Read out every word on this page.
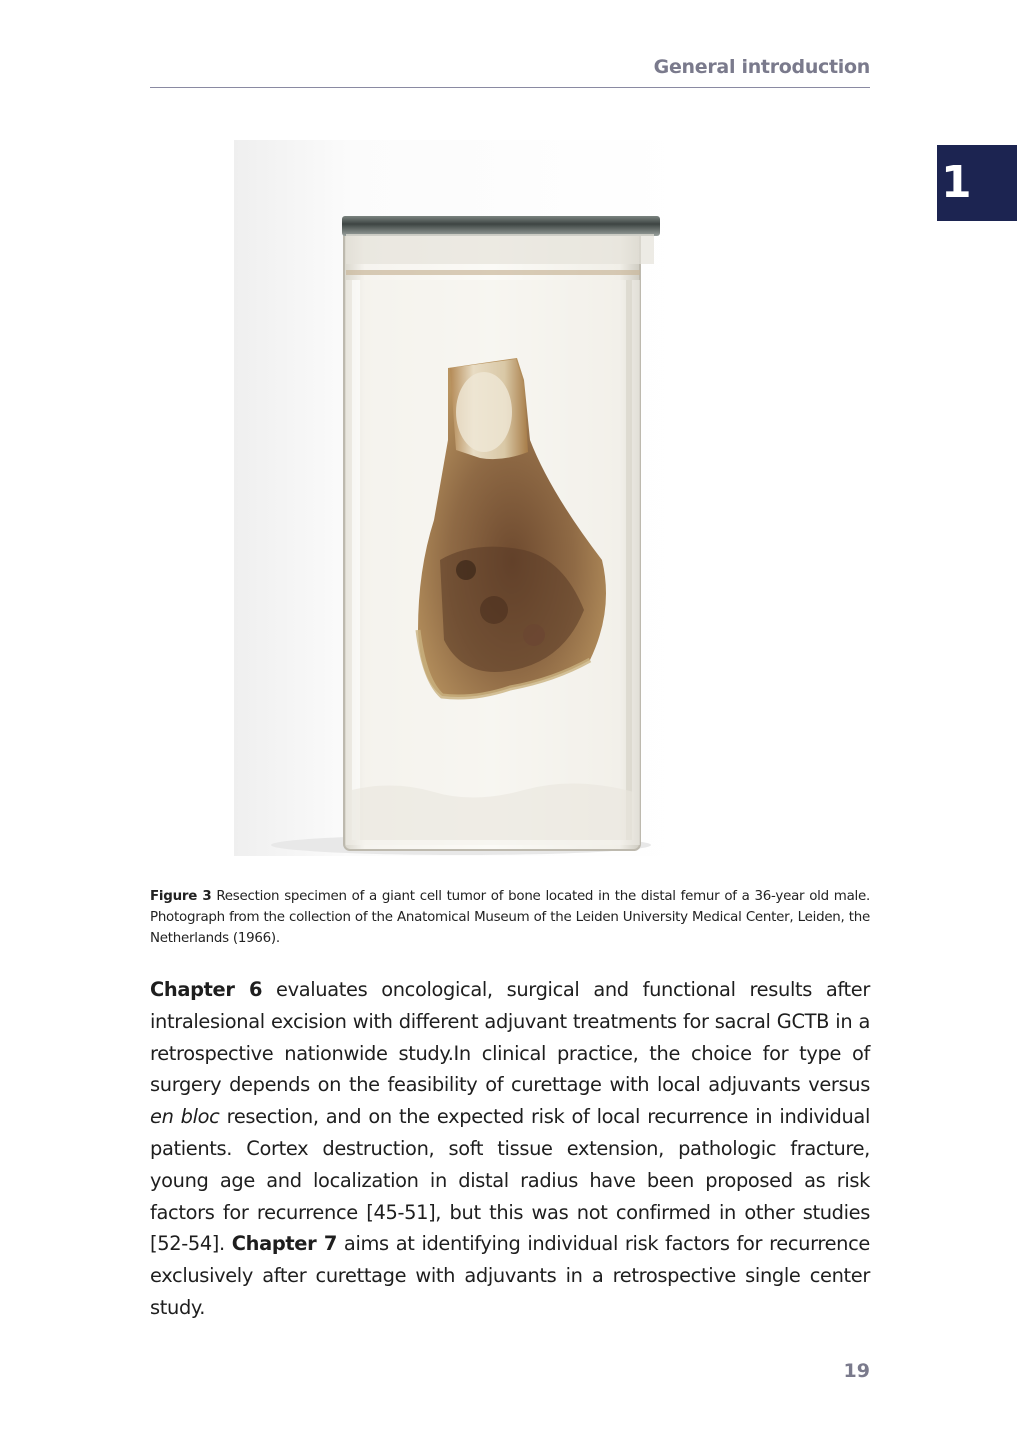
General introduction
1
Figure 3 Resection specimen of a giant cell tumor of bone located in the distal femur of a 36-year old male. Photograph from the collection of the Anatomical Museum of the Leiden University Medical Center, Leiden, the Netherlands (1966).
Chapter 6 evaluates oncological, surgical and functional results after intralesional excision with different adjuvant treatments for sacral GCTB in a retrospective nationwide study.In clinical practice, the choice for type of surgery depends on the feasibility of curettage with local adjuvants versus en bloc resection, and on the expected risk of local recurrence in individual patients. Cortex destruction, soft tissue extension, pathologic fracture, young age and localization in distal radius have been proposed as risk factors for recurrence [45-51], but this was not confirmed in other studies [52-54]. Chapter 7 aims at identifying individual risk factors for recurrence exclusively after curettage with adjuvants in a retrospective single center study.
19
